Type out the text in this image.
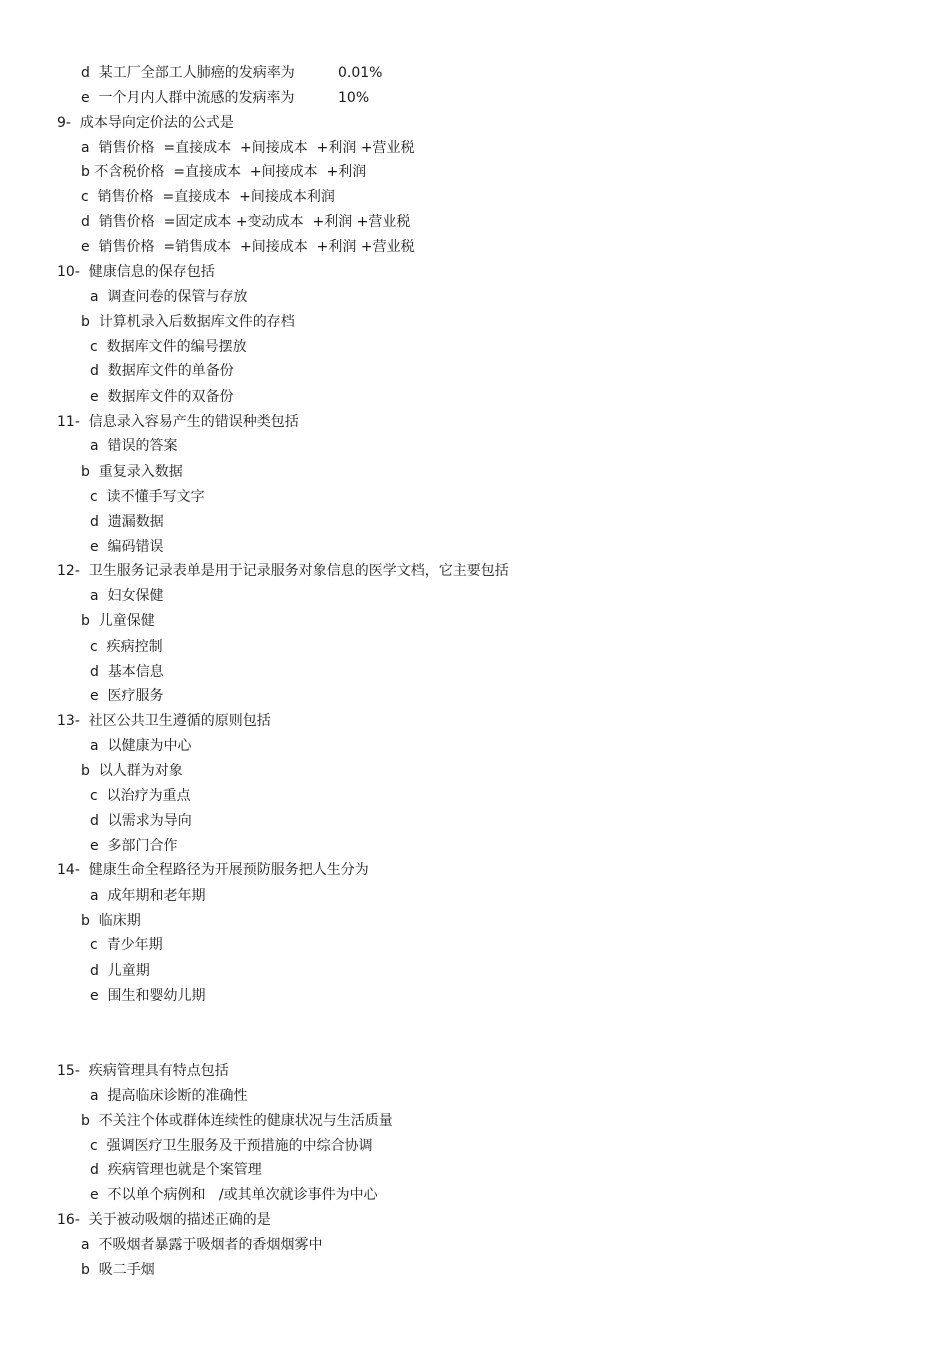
d  某工厂全部工人肺癌的发病率为	0.01%
e  一个月内人群中流感的发病率为	10%
9-  成本导向定价法的公式是
a  销售价格  =直接成本  +间接成本  +利润 +营业税
b 不含税价格  =直接成本  +间接成本  +利润
c  销售价格  =直接成本  +间接成本利润
d  销售价格  =固定成本 +变动成本  +利润 +营业税
e  销售价格  =销售成本  +间接成本  +利润 +营业税
10-  健康信息的保存包括
a  调查问卷的保管与存放
b  计算机录入后数据库文件的存档
c  数据库文件的编号摆放
d  数据库文件的单备份
e  数据库文件的双备份
11-  信息录入容易产生的错误种类包括
a  错误的答案
b  重复录入数据
c  读不懂手写文字
d  遗漏数据
e  编码错误
12-  卫生服务记录表单是用于记录服务对象信息的医学文档，它主要包括
a  妇女保健
b  儿童保健
c  疾病控制
d  基本信息
e  医疗服务
13-  社区公共卫生遵循的原则包括
a  以健康为中心
b  以人群为对象
c  以治疗为重点
d  以需求为导向
e  多部门合作
14-  健康生命全程路径为开展预防服务把人生分为
a  成年期和老年期
b  临床期
c  青少年期
d  儿童期
e  围生和婴幼儿期
15-  疾病管理具有特点包括
a  提高临床诊断的准确性
b  不关注个体或群体连续性的健康状况与生活质量
c  强调医疗卫生服务及干预措施的中综合协调
d  疾病管理也就是个案管理
e  不以单个病例和   /或其单次就诊事件为中心
16-  关于被动吸烟的描述正确的是
a  不吸烟者暴露于吸烟者的香烟烟雾中
b  吸二手烟
